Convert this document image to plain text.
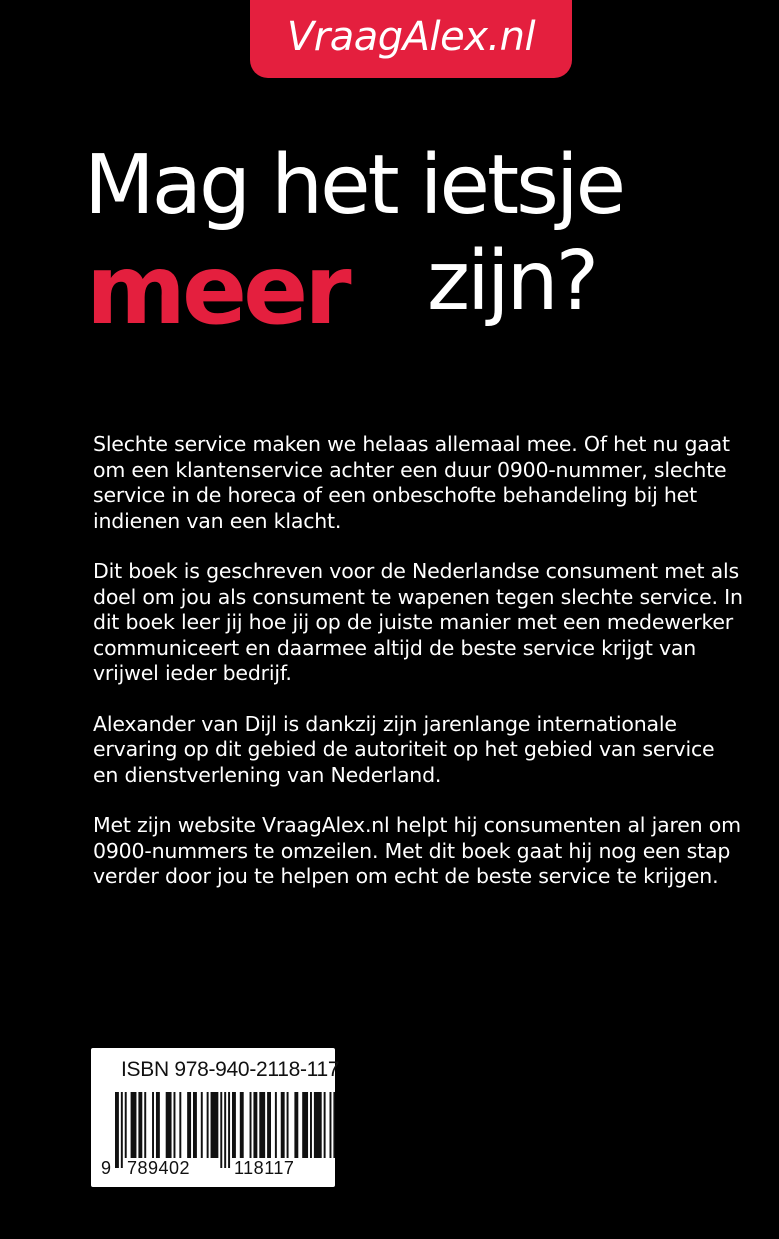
VraagAlex.nl
Mag het ietsje
meer zijn?

Slechte service maken we helaas allemaal mee. Of het nu gaat om een klantenservice achter een duur 0900-nummer, slechte service in de horeca of een onbeschofte behandeling bij het indienen van een klacht.

Dit boek is geschreven voor de Nederlandse consument met als doel om jou als consument te wapenen tegen slechte service. In dit boek leer jij hoe jij op de juiste manier met een medewerker communiceert en daarmee altijd de beste service krijgt van vrijwel ieder bedrijf.

Alexander van Dijl is dankzij zijn jarenlange internationale ervaring op dit gebied de autoriteit op het gebied van service en dienstverlening van Nederland.

Met zijn website VraagAlex.nl helpt hij consumenten al jaren om 0900-nummers te omzeilen. Met dit boek gaat hij nog een stap verder door jou te helpen om echt de beste service te krijgen.

ISBN 978-940-2118-117
9 789402 118117
